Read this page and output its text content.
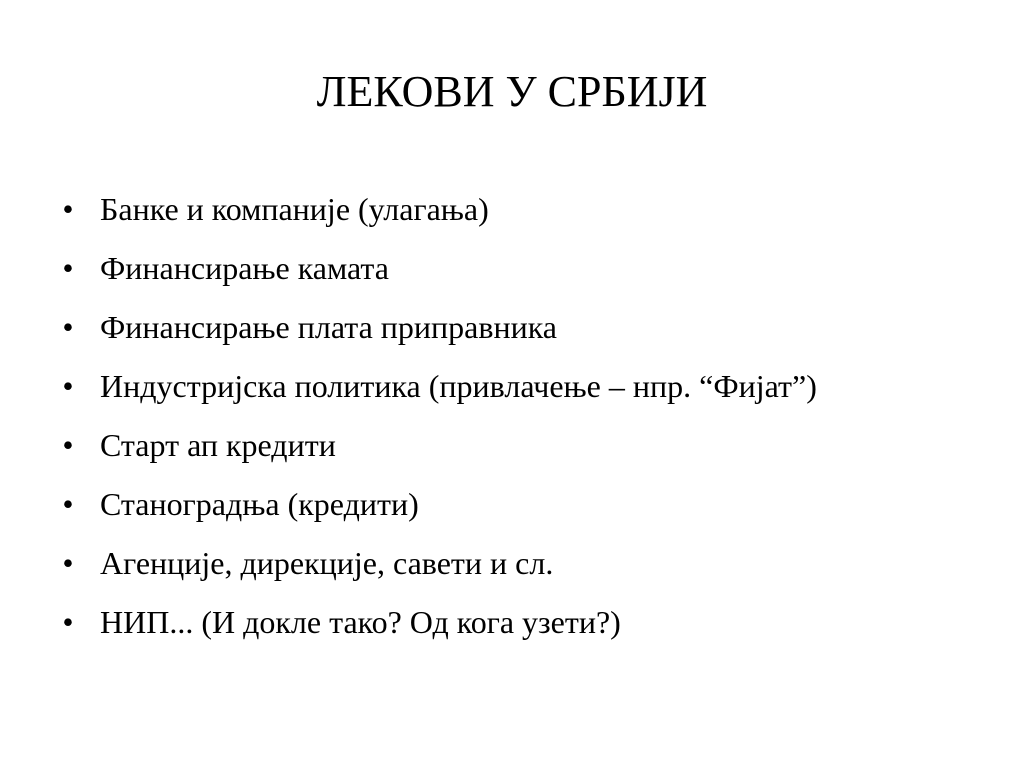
ЛЕКОВИ У СРБИЈИ
• Банке и компаније (улагања)
• Финансирање камата
• Финансирање плата приправника
• Индустријска политика (привлачење – нпр. “Фијат”)
• Старт ап кредити
• Станоградња (кредити)
• Агенције, дирекције, савети и сл.
• НИП... (И докле тако? Од кога узети?)
